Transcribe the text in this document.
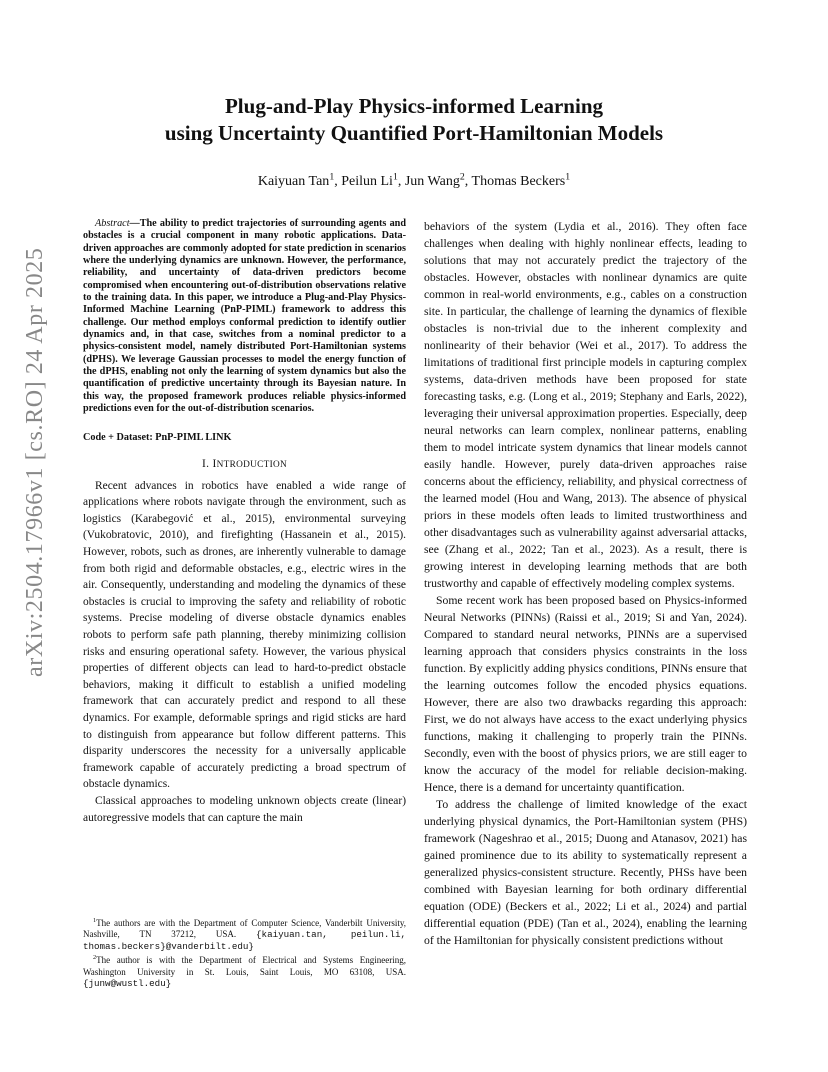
Plug-and-Play Physics-informed Learning
using Uncertainty Quantified Port-Hamiltonian Models
Kaiyuan Tan$^1$, Peilun Li$^1$, Jun Wang$^2$, Thomas Beckers$^1$
arXiv:2504.17966v1 [cs.RO] 24 Apr 2025
Abstract—The ability to predict trajectories of surrounding agents and obstacles is a crucial component in many robotic applications. Data-driven approaches are commonly adopted for state prediction in scenarios where the underlying dynamics are unknown. However, the performance, reliability, and uncertainty of data-driven predictors become compromised when encountering out-of-distribution observations relative to the training data. In this paper, we introduce a Plug-and-Play Physics-Informed Machine Learning (PnP-PIML) framework to address this challenge. Our method employs conformal prediction to identify outlier dynamics and, in that case, switches from a nominal predictor to a physics-consistent model, namely distributed Port-Hamiltonian systems (dPHS). We leverage Gaussian processes to model the energy function of the dPHS, enabling not only the learning of system dynamics but also the quantification of predictive uncertainty through its Bayesian nature. In this way, the proposed framework produces reliable physics-informed predictions even for the out-of-distribution scenarios.
Code + Dataset: PnP-PIML LINK
I. INTRODUCTION

Recent advances in robotics have enabled a wide range of applications where robots navigate through the environment, such as logistics (Karabegović et al., 2015), environmental surveying (Vukobratovic, 2010), and firefighting (Hassanein et al., 2015). However, robots, such as drones, are inherently vulnerable to damage from both rigid and deformable obstacles, e.g., electric wires in the air. Consequently, understanding and modeling the dynamics of these obstacles is crucial to improving the safety and reliability of robotic systems. Precise modeling of diverse obstacle dynamics enables robots to perform safe path planning, thereby minimizing collision risks and ensuring operational safety. However, the various physical properties of different objects can lead to hard-to-predict obstacle behaviors, making it difficult to establish a unified modeling framework that can accurately predict and respond to all these dynamics. For example, deformable springs and rigid sticks are hard to distinguish from appearance but follow different patterns. This disparity underscores the necessity for a universally applicable framework capable of accurately predicting a broad spectrum of obstacle dynamics.

Classical approaches to modeling unknown objects create (linear) autoregressive models that can capture the main

$^1$The authors are with the Department of Computer Science, Vanderbilt University, Nashville, TN 37212, USA. {kaiyuan.tan, peilun.li, thomas.beckers}@vanderbilt.edu}
$^2$The author is with the Department of Electrical and Systems Engineering, Washington University in St. Louis, Saint Louis, MO 63108, USA. {junw@wustl.edu}

behaviors of the system (Lydia et al., 2016). They often face challenges when dealing with highly nonlinear effects, leading to solutions that may not accurately predict the trajectory of the obstacles. However, obstacles with nonlinear dynamics are quite common in real-world environments, e.g., cables on a construction site. In particular, the challenge of learning the dynamics of flexible obstacles is non-trivial due to the inherent complexity and nonlinearity of their behavior (Wei et al., 2017). To address the limitations of traditional first principle models in capturing complex systems, data-driven methods have been proposed for state forecasting tasks, e.g. (Long et al., 2019; Stephany and Earls, 2022), leveraging their universal approximation properties. Especially, deep neural networks can learn complex, nonlinear patterns, enabling them to model intricate system dynamics that linear models cannot easily handle. However, purely data-driven approaches raise concerns about the efficiency, reliability, and physical correctness of the learned model (Hou and Wang, 2013). The absence of physical priors in these models often leads to limited trustworthiness and other disadvantages such as vulnerability against adversarial attacks, see (Zhang et al., 2022; Tan et al., 2023). As a result, there is growing interest in developing learning methods that are both trustworthy and capable of effectively modeling complex systems.

Some recent work has been proposed based on Physics-informed Neural Networks (PINNs) (Raissi et al., 2019; Si and Yan, 2024). Compared to standard neural networks, PINNs are a supervised learning approach that considers physics constraints in the loss function. By explicitly adding physics conditions, PINNs ensure that the learning outcomes follow the encoded physics equations. However, there are also two drawbacks regarding this approach: First, we do not always have access to the exact underlying physics functions, making it challenging to properly train the PINNs. Secondly, even with the boost of physics priors, we are still eager to know the accuracy of the model for reliable decision-making. Hence, there is a demand for uncertainty quantification.

To address the challenge of limited knowledge of the exact underlying physical dynamics, the Port-Hamiltonian system (PHS) framework (Nageshrao et al., 2015; Duong and Atanasov, 2021) has gained prominence due to its ability to systematically represent a generalized physics-consistent structure. Recently, PHSs have been combined with Bayesian learning for both ordinary differential equation (ODE) (Beckers et al., 2022; Li et al., 2024) and partial differential equation (PDE) (Tan et al., 2024), enabling the learning of the Hamiltonian for physically consistent predictions without
